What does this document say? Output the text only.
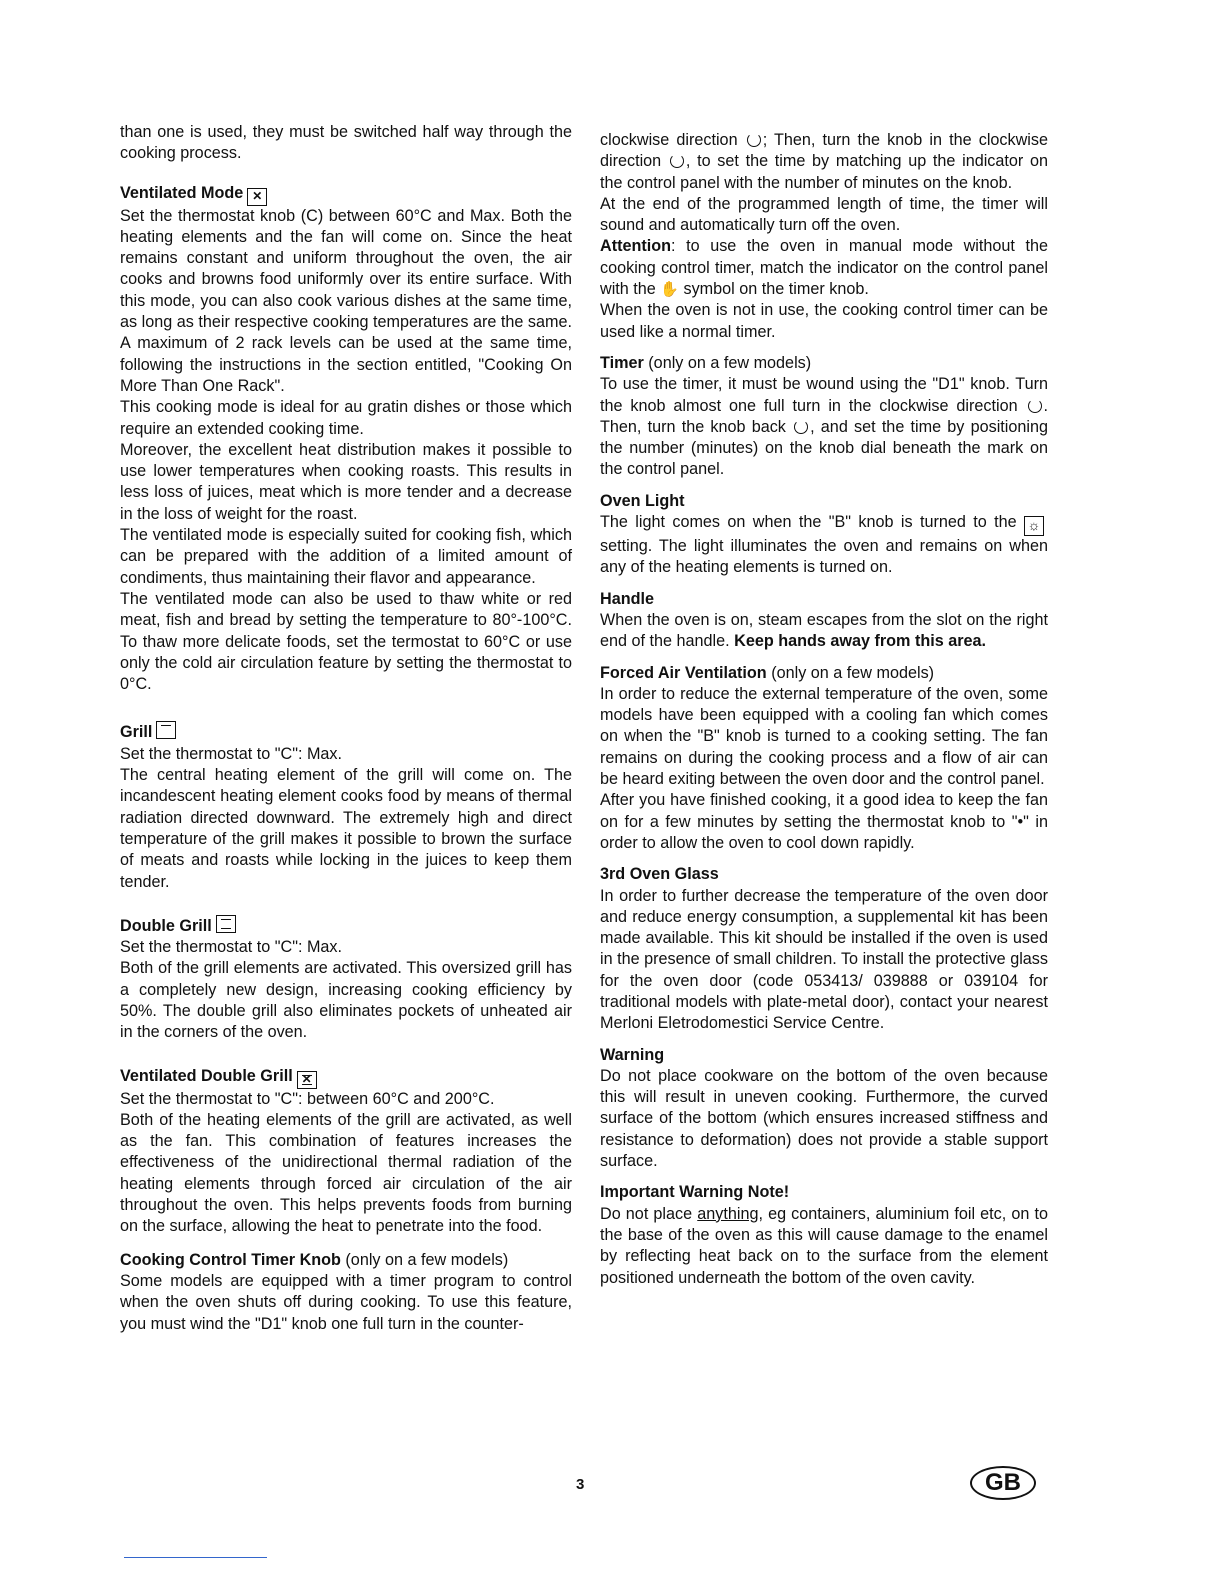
than one is used, they must be switched half way through the cooking process.

Ventilated Mode ✕

Set the thermostat knob (C) between 60°C and Max. Both the heating elements and the fan will come on. Since the heat remains constant and uniform throughout the oven, the air cooks and browns food uniformly over its entire surface. With this mode, you can also cook various dishes at the same time, as long as their respective cooking temperatures are the same. A maximum of 2 rack levels can be used at the same time, following the instructions in the section entitled, "Cooking On More Than One Rack".

This cooking mode is ideal for au gratin dishes or those which require an extended cooking time.

Moreover, the excellent heat distribution makes it possible to use lower temperatures when cooking roasts. This results in less loss of juices, meat which is more tender and a decrease in the loss of weight for the roast.

The ventilated mode is especially suited for cooking fish, which can be prepared with the addition of a limited amount of condiments, thus maintaining their flavor and appearance.

The ventilated mode can also be used to thaw white or red meat, fish and bread by setting the temperature to 80°-100°C. To thaw more delicate foods, set the termostat to 60°C or use only the cold air circulation feature by setting the thermostat to 0°C.

Grill

Set the thermostat to "C": Max.

The central heating element of the grill will come on. The incandescent heating element cooks food by means of thermal radiation directed downward. The extremely high and direct temperature of the grill makes it possible to brown the surface of meats and roasts while locking in the juices to keep them tender.

Double Grill

Set the thermostat to "C": Max.

Both of the grill elements are activated. This oversized grill has a completely new design, increasing cooking efficiency by 50%. The double grill also eliminates pockets of unheated air in the corners of the oven.

Ventilated Double Grill ✕

Set the thermostat to "C": between 60°C and 200°C.

Both of the heating elements of the grill are activated, as well as the fan. This combination of features increases the effectiveness of the unidirectional thermal radiation of the heating elements through forced air circulation of the air throughout the oven. This helps prevents foods from burning on the surface, allowing the heat to penetrate into the food.

Cooking Control Timer Knob (only on a few models)

Some models are equipped with a timer program to control when the oven shuts off during cooking. To use this feature, you must wind the "D1" knob one full turn in the counter-

clockwise direction ; Then, turn the knob in the clockwise direction , to set the time by matching up the indicator on the control panel with the number of minutes on the knob.

At the end of the programmed length of time, the timer will sound and automatically turn off the oven.

Attention: to use the oven in manual mode without the cooking control timer, match the indicator on the control panel with the ✋ symbol on the timer knob.

When the oven is not in use, the cooking control timer can be used like a normal timer.

Timer (only on a few models)

To use the timer, it must be wound using the "D1" knob. Turn the knob almost one full turn in the clockwise direction . Then, turn the knob back , and set the time by positioning the number (minutes) on the knob dial beneath the mark on the control panel.

Oven Light

The light comes on when the "B" knob is turned to the ☼setting. The light illuminates the oven and remains on when any of the heating elements is turned on.

Handle

When the oven is on, steam escapes from the slot on the right end of the handle. Keep hands away from this area.

Forced Air Ventilation (only on a few models)

In order to reduce the external temperature of the oven, some models have been equipped with a cooling fan which comes on when the "B" knob is turned to a cooking setting. The fan remains on during the cooking process and a flow of air can be heard exiting between the oven door and the control panel.

After you have finished cooking, it a good idea to keep the fan on for a few minutes by setting the thermostat knob to "•" in order to allow the oven to cool down rapidly.

3rd Oven Glass

In order to further decrease the temperature of the oven door and reduce energy consumption, a supplemental kit has been made available. This kit should be installed if the oven is used in the presence of small children. To install the protective glass for the oven door (code 053413/ 039888 or 039104 for traditional models with plate-metal door), contact your nearest Merloni Eletrodomestici Service Centre.

Warning

Do not place cookware on the bottom of the oven because this will result in uneven cooking. Furthermore, the curved surface of the bottom (which ensures increased stiffness and resistance to deformation) does not provide a stable support surface.

Important Warning Note!

Do not place anything, eg containers, aluminium foil etc, on to the base of the oven as this will cause damage to the enamel by reflecting heat back on to the surface from the element positioned underneath the bottom of the oven cavity.

3	GB
